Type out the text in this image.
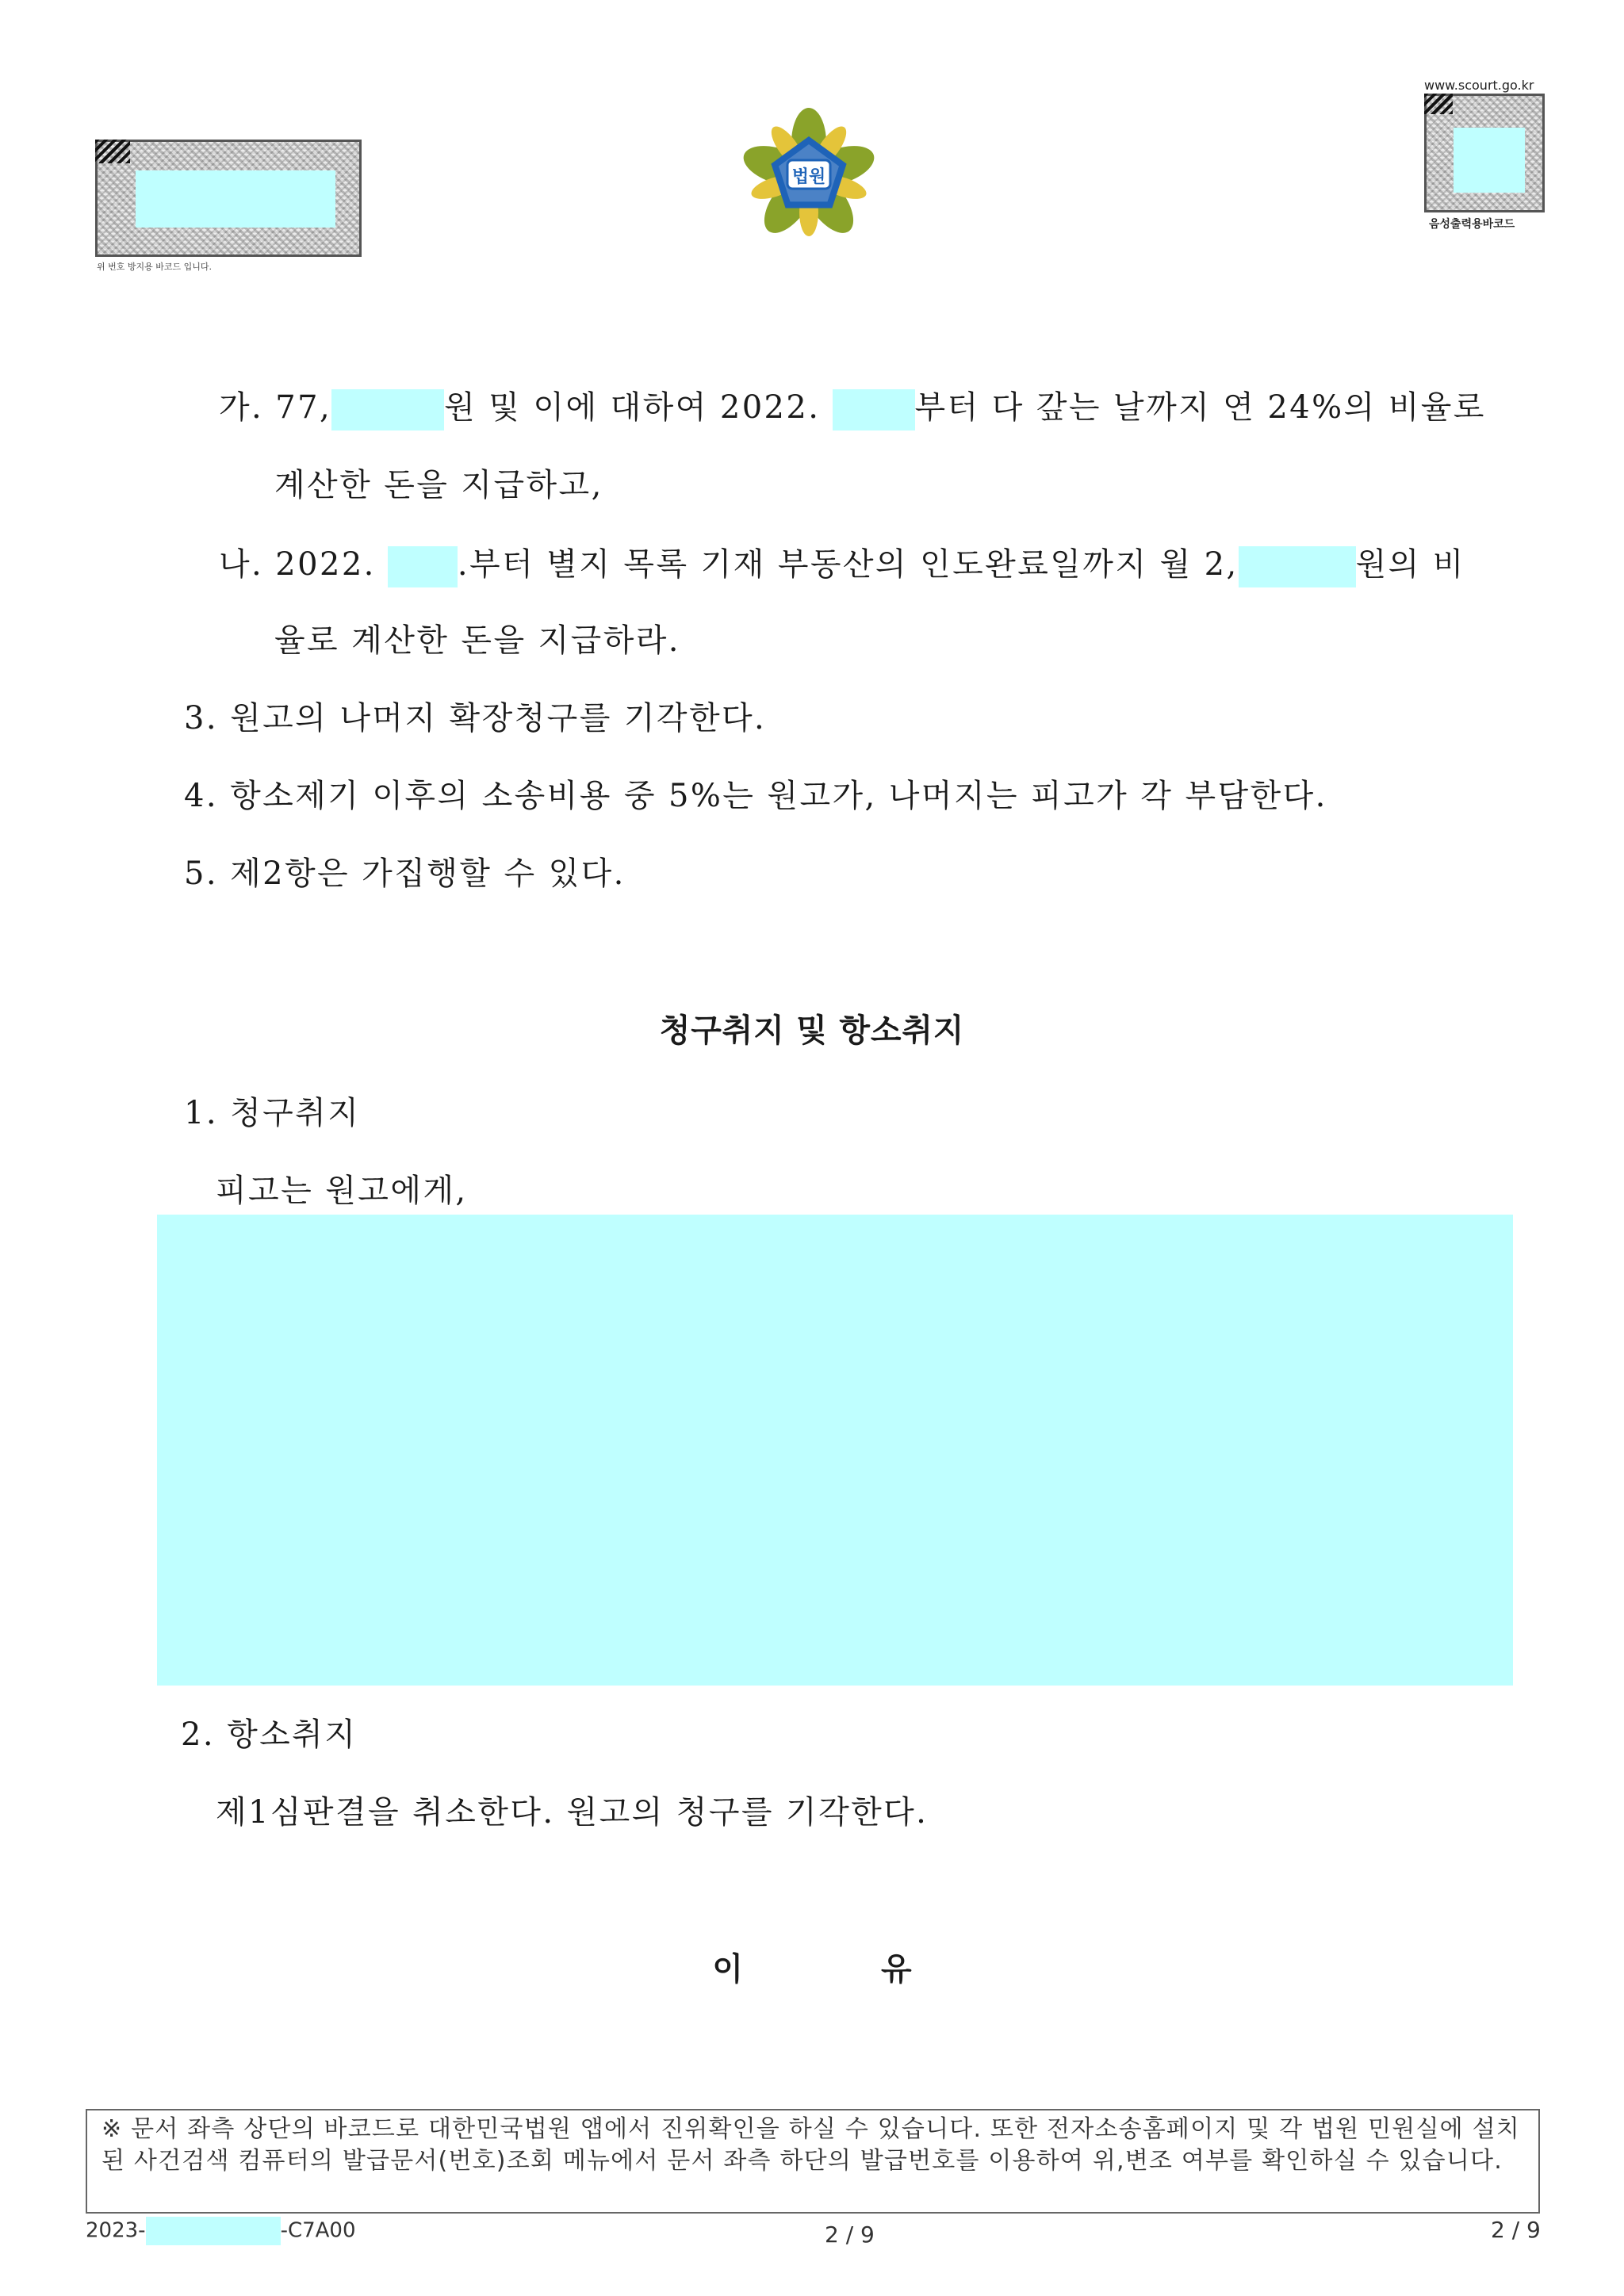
위 번호 방지용 바코드 입니다.
법원
www.scourt.go.kr
음성출력용바코드
가. 77,	원 및 이에 대하여 2022.	부터 다 갚는 날까지 연 24%의 비율로
계산한 돈을 지급하고,
나. 2022.	.부터 별지 목록 기재 부동산의 인도완료일까지 월 2,	원의 비
율로 계산한 돈을 지급하라.
3. 원고의 나머지 확장청구를 기각한다.
4. 항소제기 이후의 소송비용 중 5%는 원고가, 나머지는 피고가 각 부담한다.
5. 제2항은 가집행할 수 있다.
청구취지 및 항소취지
1. 청구취지
피고는 원고에게,
2. 항소취지
제1심판결을 취소한다. 원고의 청구를 기각한다.
이 유
※ 문서 좌측 상단의 바코드로 대한민국법원 앱에서 진위확인을 하실 수 있습니다. 또한 전자소송홈페이지 및 각 법원 민원실에 설치된 사건검색 컴퓨터의 발급문서(번호)조회 메뉴에서 문서 좌측 하단의 발급번호를 이용하여 위,변조 여부를 확인하실 수 있습니다.
2023-	-C7A00	2 / 9	2 / 9
